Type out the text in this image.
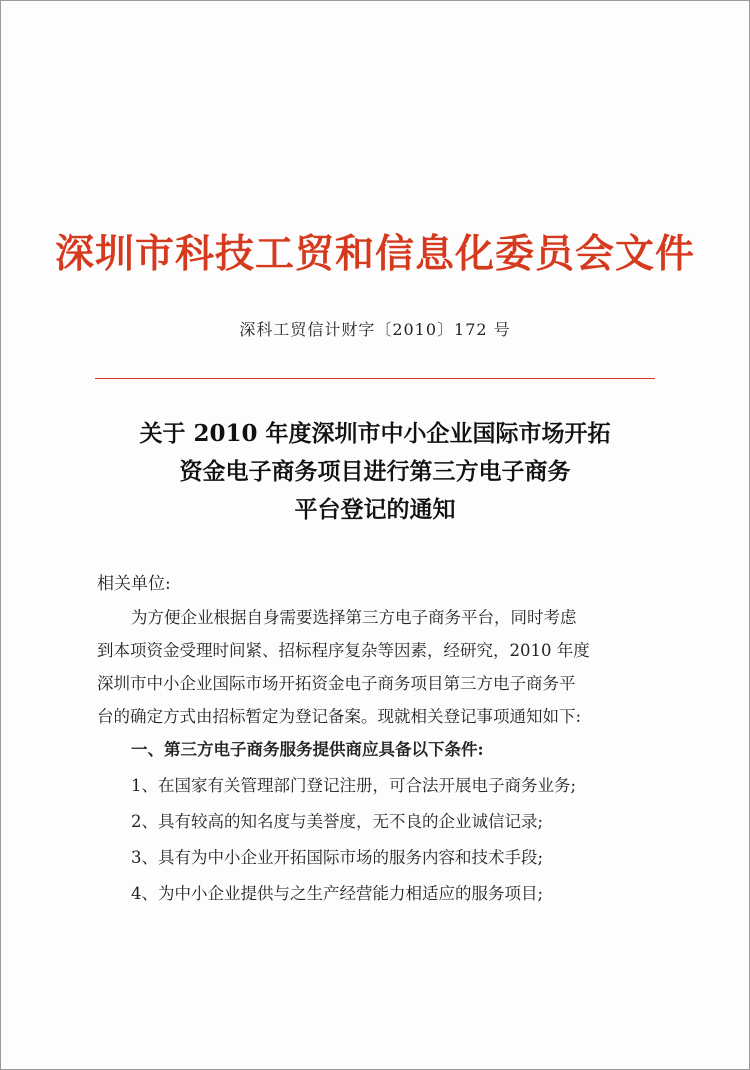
深圳市科技工贸和信息化委员会文件
深科工贸信计财字〔2010〕172 号
关于 2010 年度深圳市中小企业国际市场开拓
资金电子商务项目进行第三方电子商务
平台登记的通知
相关单位:
为方便企业根据自身需要选择第三方电子商务平台，同时考虑
到本项资金受理时间紧、招标程序复杂等因素，经研究，2010 年度
深圳市中小企业国际市场开拓资金电子商务项目第三方电子商务平
台的确定方式由招标暂定为登记备案。现就相关登记事项通知如下:
一、第三方电子商务服务提供商应具备以下条件:
1、在国家有关管理部门登记注册，可合法开展电子商务业务;
2、具有较高的知名度与美誉度，无不良的企业诚信记录;
3、具有为中小企业开拓国际市场的服务内容和技术手段;
4、为中小企业提供与之生产经营能力相适应的服务项目;
